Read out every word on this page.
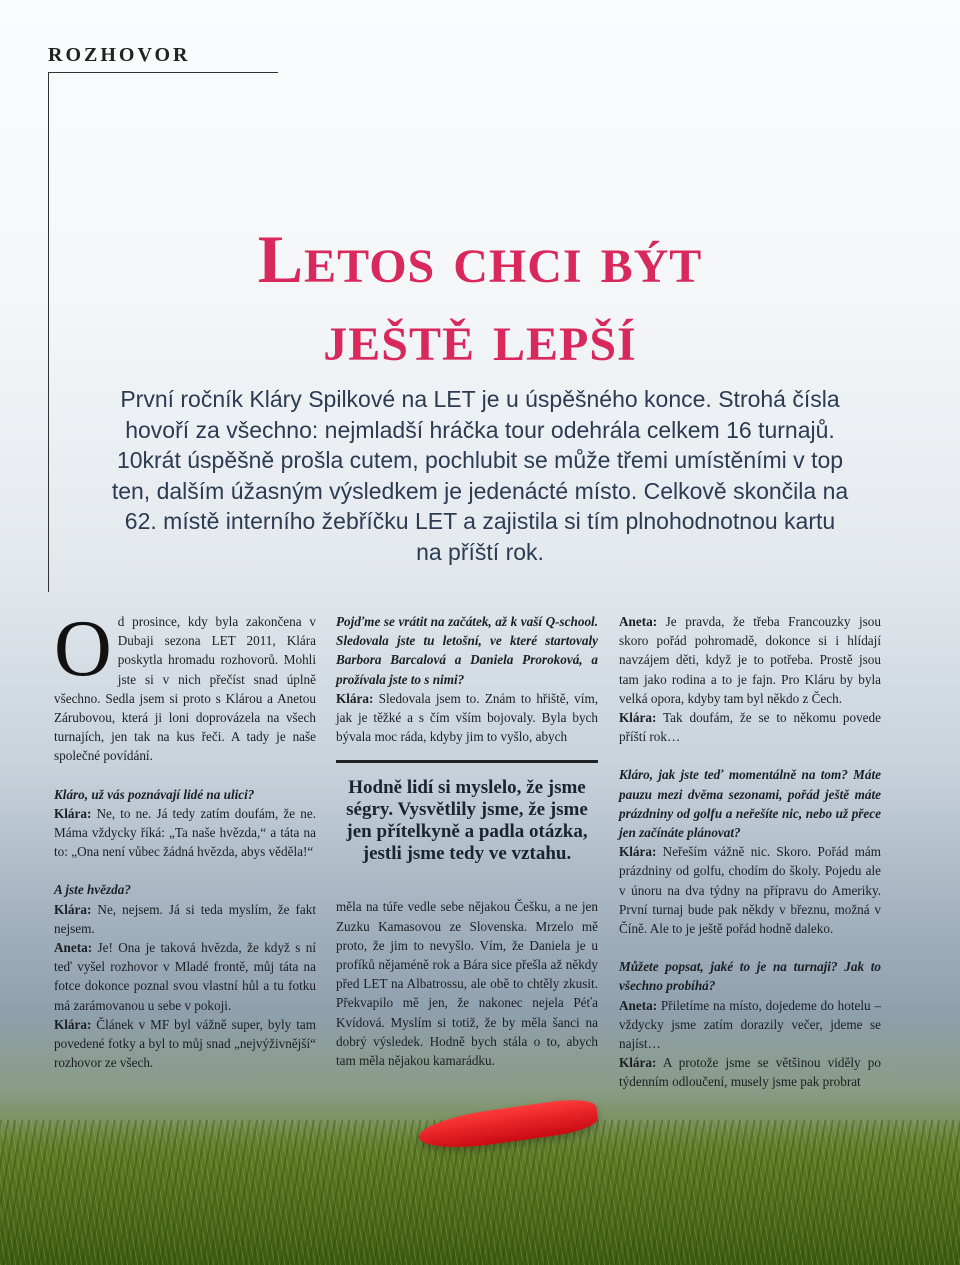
ROZHOVOR
Letos chci být
ještě lepší

První ročník Kláry Spilkové na LET je u úspěšného konce. Strohá čísla hovoří za všechno: nejmladší hráčka tour odehrála celkem 16 turnajů. 10krát úspěšně prošla cutem, pochlubit se může třemi umístěními v top ten, dalším úžasným výsledkem je jedenácté místo. Celkově skončila na 62. místě interního žebříčku LET a zajistila si tím plnohodnotnou kartu na příští rok.

Od prosince, kdy byla zakončena v Dubaji sezona LET 2011, Klára poskytla hromadu rozhovorů. Mohli jste si v nich přečíst snad úplně všechno. Sedla jsem si proto s Klárou a Anetou Zárubovou, která ji loni doprovázela na všech turnajích, jen tak na kus řeči. A tady je naše společné povídání.

Kláro, už vás poznávají lidé na ulici?

Klára: Ne, to ne. Já tedy zatím doufám, že ne. Máma vždycky říká: „Ta naše hvězda,“ a táta na to: „Ona není vůbec žádná hvězda, abys věděla!“

A jste hvězda?

Klára: Ne, nejsem. Já si teda myslím, že fakt nejsem.

Aneta: Je! Ona je taková hvězda, že když s ní teď vyšel rozhovor v Mladé frontě, můj táta na fotce dokonce poznal svou vlastní hůl a tu fotku má zarámovanou u sebe v pokoji.

Klára: Článek v MF byl vážně super, byly tam povedené fotky a byl to můj snad „nejvýživnější“ rozhovor ze všech.

Pojďme se vrátit na začátek, až k vaší Q-school. Sledovala jste tu letošní, ve které startovaly Barbora Barcalová a Daniela Proroková, a prožívala jste to s nimi?

Klára: Sledovala jsem to. Znám to hřiště, vím, jak je těžké a s čím vším bojovaly. Byla bych bývala moc ráda, kdyby jim to vyšlo, abych

Hodně lidí si myslelo, že jsme ségry. Vysvětlily jsme, že jsme jen přítelkyně a padla otázka, jestli jsme tedy ve vztahu.

měla na túře vedle sebe nějakou Češku, a ne jen Zuzku Kamasovou ze Slovenska. Mrzelo mě proto, že jim to nevyšlo. Vím, že Daniela je u profíků nějaméně rok a Bára sice přešla až někdy před LET na Albatrossu, ale obě to chtěly zkusit. Překvapilo mě jen, že nakonec nejela Péťa Kvídová. Myslím si totiž, že by měla šanci na dobrý výsledek. Hodně bych stála o to, abych tam měla nějakou kamarádku.

Aneta: Je pravda, že třeba Francouzky jsou skoro pořád pohromadě, dokonce si i hlídají navzájem děti, když je to potřeba. Prostě jsou tam jako rodina a to je fajn. Pro Kláru by byla velká opora, kdyby tam byl někdo z Čech.

Klára: Tak doufám, že se to někomu povede příští rok…

Kláro, jak jste teď momentálně na tom? Máte pauzu mezi dvěma sezonami, pořád ještě máte prázdniny od golfu a neřešíte nic, nebo už přece jen začínáte plánovat?

Klára: Neřeším vážně nic. Skoro. Pořád mám prázdniny od golfu, chodím do školy. Pojedu ale v únoru na dva týdny na přípravu do Ameriky. První turnaj bude pak někdy v březnu, možná v Číně. Ale to je ještě pořád hodně daleko.

Můžete popsat, jaké to je na turnaji? Jak to všechno probíhá?

Aneta: Přiletíme na místo, dojedeme do hotelu – vždycky jsme zatím dorazily večer, jdeme se najíst…

Klára: A protože jsme se většinou viděly po týdenním odloučení, musely jsme pak probrat
